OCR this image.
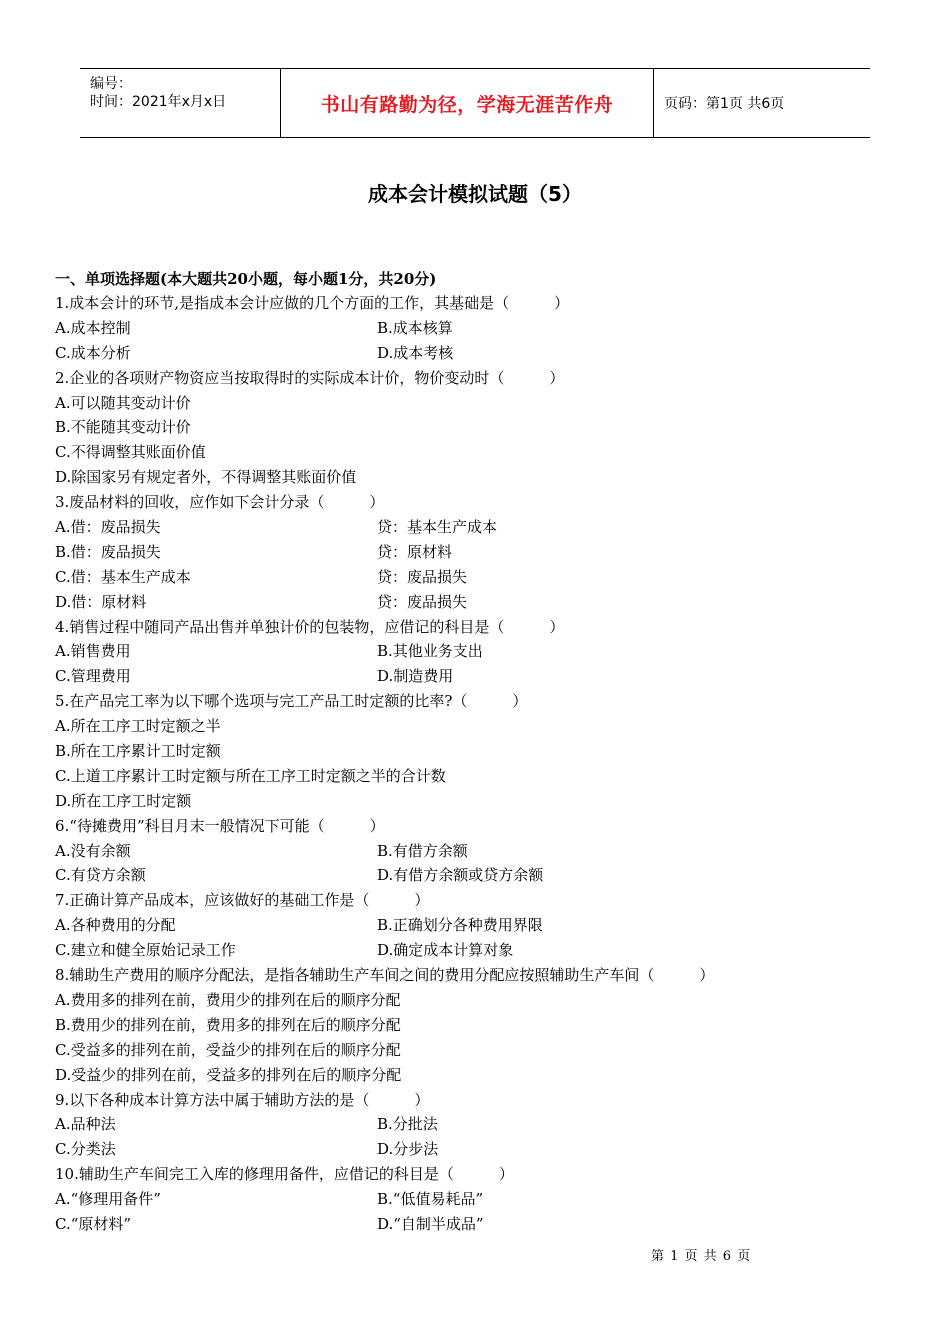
编号：
时间：2021年x月x日	书山有路勤为径，学海无涯苦作舟	页码：第1页 共6页
成本会计模拟试题（5）
一、单项选择题(本大题共20小题，每小题1分，共20分)
1.成本会计的环节,是指成本会计应做的几个方面的工作，其基础是（　　　）
A.成本控制	B.成本核算
C.成本分析	D.成本考核
2.企业的各项财产物资应当按取得时的实际成本计价，物价变动时（　　　）
A.可以随其变动计价
B.不能随其变动计价
C.不得调整其账面价值
D.除国家另有规定者外，不得调整其账面价值
3.废品材料的回收，应作如下会计分录（　　　）
A.借：废品损失	贷：基本生产成本
B.借：废品损失	贷：原材料
C.借：基本生产成本	贷：废品损失
D.借：原材料	贷：废品损失
4.销售过程中随同产品出售并单独计价的包装物，应借记的科目是（　　　）
A.销售费用	B.其他业务支出
C.管理费用	D.制造费用
5.在产品完工率为以下哪个选项与完工产品工时定额的比率?（　　　）
A.所在工序工时定额之半
B.所在工序累计工时定额
C.上道工序累计工时定额与所在工序工时定额之半的合计数
D.所在工序工时定额
6.“待摊费用”科目月末一般情况下可能（　　　）
A.没有余额	B.有借方余额
C.有贷方余额	D.有借方余额或贷方余额
7.正确计算产品成本，应该做好的基础工作是（　　　）
A.各种费用的分配	B.正确划分各种费用界限
C.建立和健全原始记录工作	D.确定成本计算对象
8.辅助生产费用的顺序分配法，是指各辅助生产车间之间的费用分配应按照辅助生产车间（　　　）
A.费用多的排列在前，费用少的排列在后的顺序分配
B.费用少的排列在前，费用多的排列在后的顺序分配
C.受益多的排列在前，受益少的排列在后的顺序分配
D.受益少的排列在前，受益多的排列在后的顺序分配
9.以下各种成本计算方法中属于辅助方法的是（　　　）
A.品种法	B.分批法
C.分类法	D.分步法
10.辅助生产车间完工入库的修理用备件，应借记的科目是（　　　）
A.“修理用备件”	B.“低值易耗品”
C.“原材料”	D.“自制半成品”
第 1 页 共 6 页
